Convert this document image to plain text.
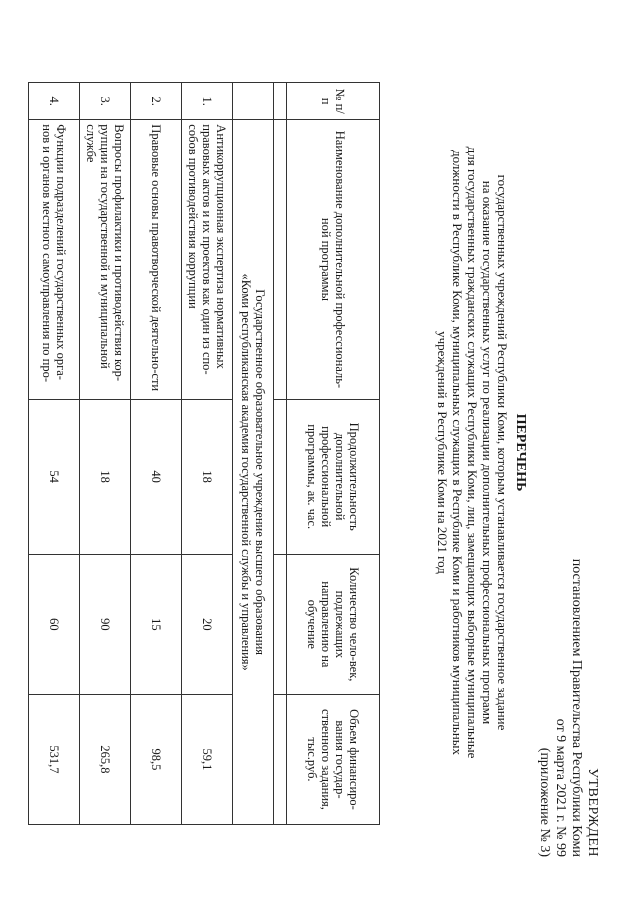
УТВЕРЖДЕН
постановлением Правительства Республики Коми
от 9 марта 2021 г. № 99
(приложение № 3)
ПЕРЕЧЕНЬ
государственных учреждений Республики Коми, которым устанавливается государственное задание
на оказание государственных услуг по реализации дополнительных профессиональных программ
для государственных гражданских служащих Республики Коми, лиц, замещающих выборные муниципальные
должности в Республике Коми, муниципальных служащих в Республике Коми и работников муниципальных
учреждений в Республике Коми на 2021 год
№ п/п	Наименование дополнительной профессиональ-ной программы	Продолжительность дополнительной профессиональной программы, ак. час.	Количество чело-век, подлежащих направлению на обучение	Объем финансиро-вания государ-ственного задания, тыс.руб.

	Государственное образовательное учреждение высшего образования
«Коми республиканская академия государственной службы и управления»			

1.	Антикоррупционная экспертиза нормативных правовых актов и их проектов как один из спо-собов противодействия коррупции	18	20	59,1
2.	Правовые основы правотворческой деятельно-сти	40	15	98,5
3.	Вопросы профилактики и противодействия кор-рупции на государственной и муниципальной службе	18	90	265,8
4.	Функции подразделений государственных орга-нов и органов местного самоуправления по про-	54	60	531,7
